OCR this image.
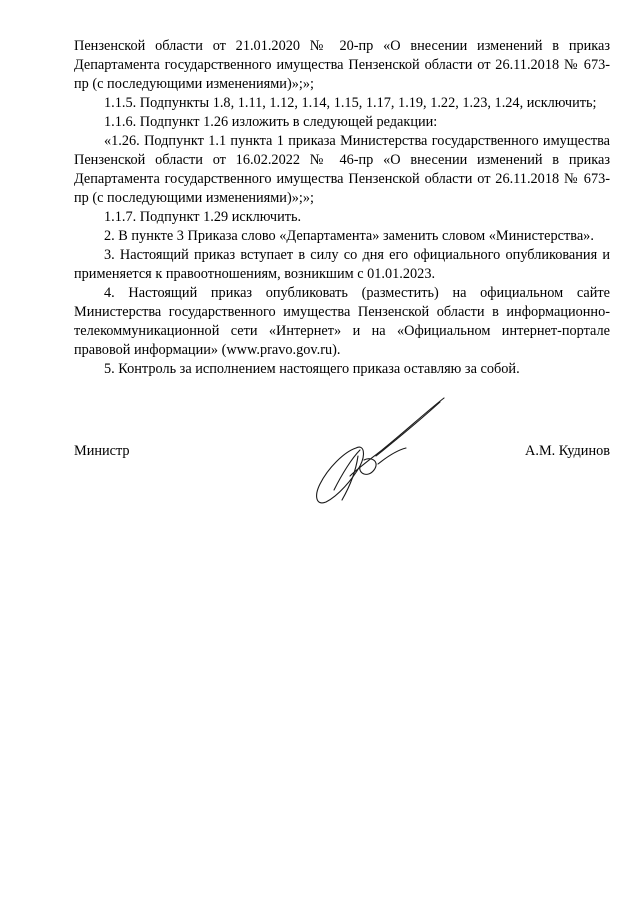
Пензенской области от 21.01.2020 № 20-пр «О внесении изменений в приказ Департамента государственного имущества Пензенской области от 26.11.2018 № 673-пр (с последующими изменениями)»;»;

1.1.5. Подпункты 1.8, 1.11, 1.12, 1.14, 1.15, 1.17, 1.19, 1.22, 1.23, 1.24, исключить;

1.1.6. Подпункт 1.26 изложить в следующей редакции:

«1.26. Подпункт 1.1 пункта 1 приказа Министерства государственного имущества Пензенской области от 16.02.2022 № 46-пр «О внесении изменений в приказ Департамента государственного имущества Пензенской области от 26.11.2018 № 673-пр (с последующими изменениями)»;»;

1.1.7. Подпункт 1.29 исключить.

2. В пункте 3 Приказа слово «Департамента» заменить словом «Министерства».

3. Настоящий приказ вступает в силу со дня его официального опубликования и применяется к правоотношениям, возникшим с 01.01.2023.

4. Настоящий приказ опубликовать (разместить) на официальном сайте Министерства государственного имущества Пензенской области в информационно-телекоммуникационной сети «Интернет» и на «Официальном интернет-портале правовой информации» (www.pravo.gov.ru).

5. Контроль за исполнением настоящего приказа оставляю за собой.

Министр	А.М. Кудинов
